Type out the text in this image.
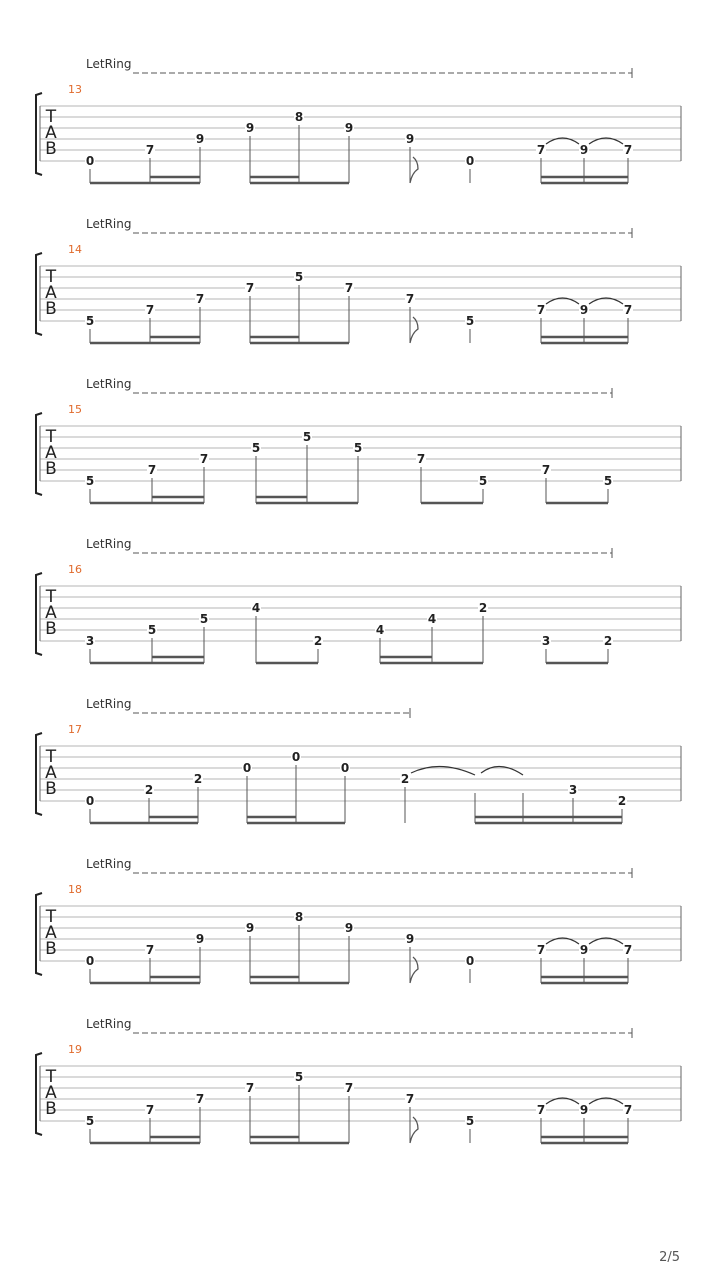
LetRing
13
T
A
B
0
7
9
9
8
9
9
0
7	9	7
LetRing
14
T
A
B
5
7
7
7
5
7
7
5
7	9	7
LetRing
15
T
A
B
5
7
7
5
5
5
7
5
7
5
LetRing
16
T
A
B
3
5
5
4
2
4
4
2
3	2
LetRing
17
T
A
B
0
2
2
0
0
0
2
3
2
LetRing
18
T
A
B
0
7
9
9
8
9
9
0
7	9	7
LetRing
19
T
A
B
5
7
7
7
5
7
7
5
7	9	7
2/5
